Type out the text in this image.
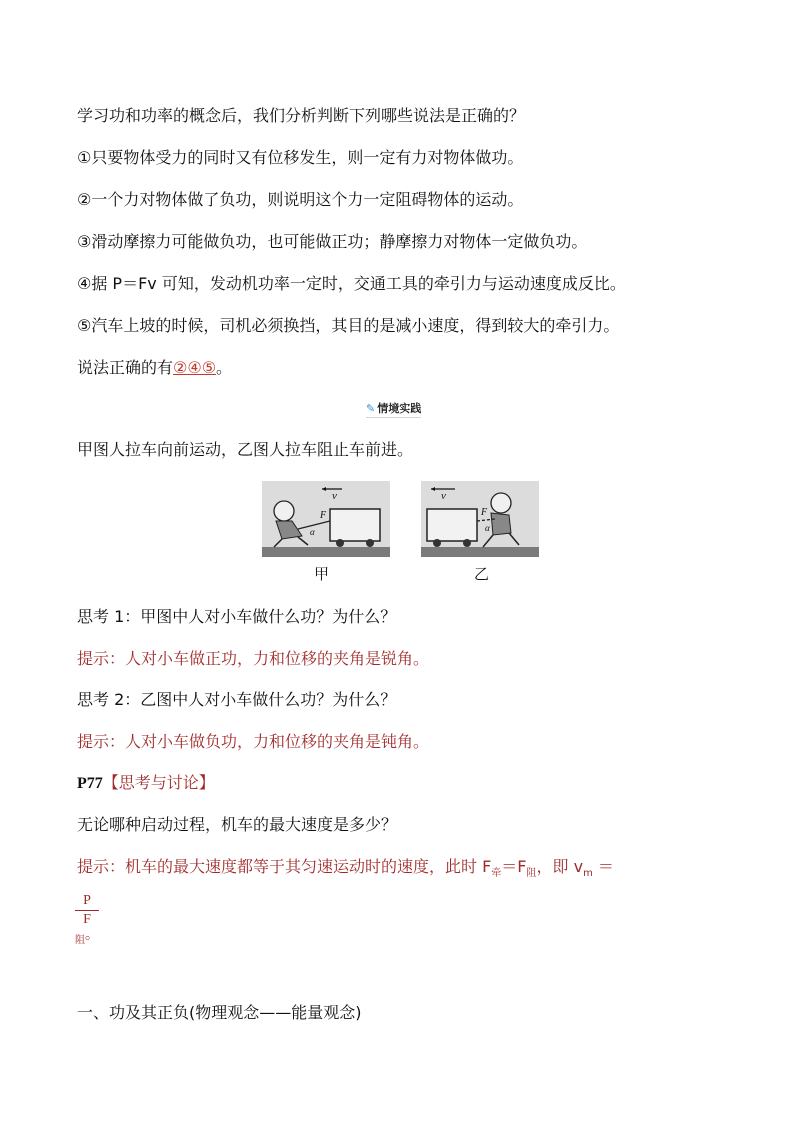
学习功和功率的概念后，我们分析判断下列哪些说法是正确的？
①只要物体受力的同时又有位移发生，则一定有力对物体做功。
②一个力对物体做了负功，则说明这个力一定阻碍物体的运动。
③滑动摩擦力可能做负功，也可能做正功；静摩擦力对物体一定做负功。
④据 P＝Fv 可知，发动机功率一定时，交通工具的牵引力与运动速度成反比。
⑤汽车上坡的时候，司机必须换挡，其目的是减小速度，得到较大的牵引力。
说法正确的有②④⑤。
✎ 情境实践
甲图人拉车向前运动，乙图人拉车阻止车前进。
v
F
α
甲
v
F
α
乙
思考 1：甲图中人对小车做什么功？为什么？
提示：人对小车做正功，力和位移的夹角是锐角。
思考 2：乙图中人对小车做什么功？为什么？
提示：人对小车做负功，力和位移的夹角是钝角。
P77【思考与讨论】
无论哪种启动过程，机车的最大速度是多少？
提示：机车的最大速度都等于其匀速运动时的速度，此时 $F_牵=F_阻$，即 $v_m$ ＝
P
$F_阻$。
一、功及其正负(物理观念——能量观念)
